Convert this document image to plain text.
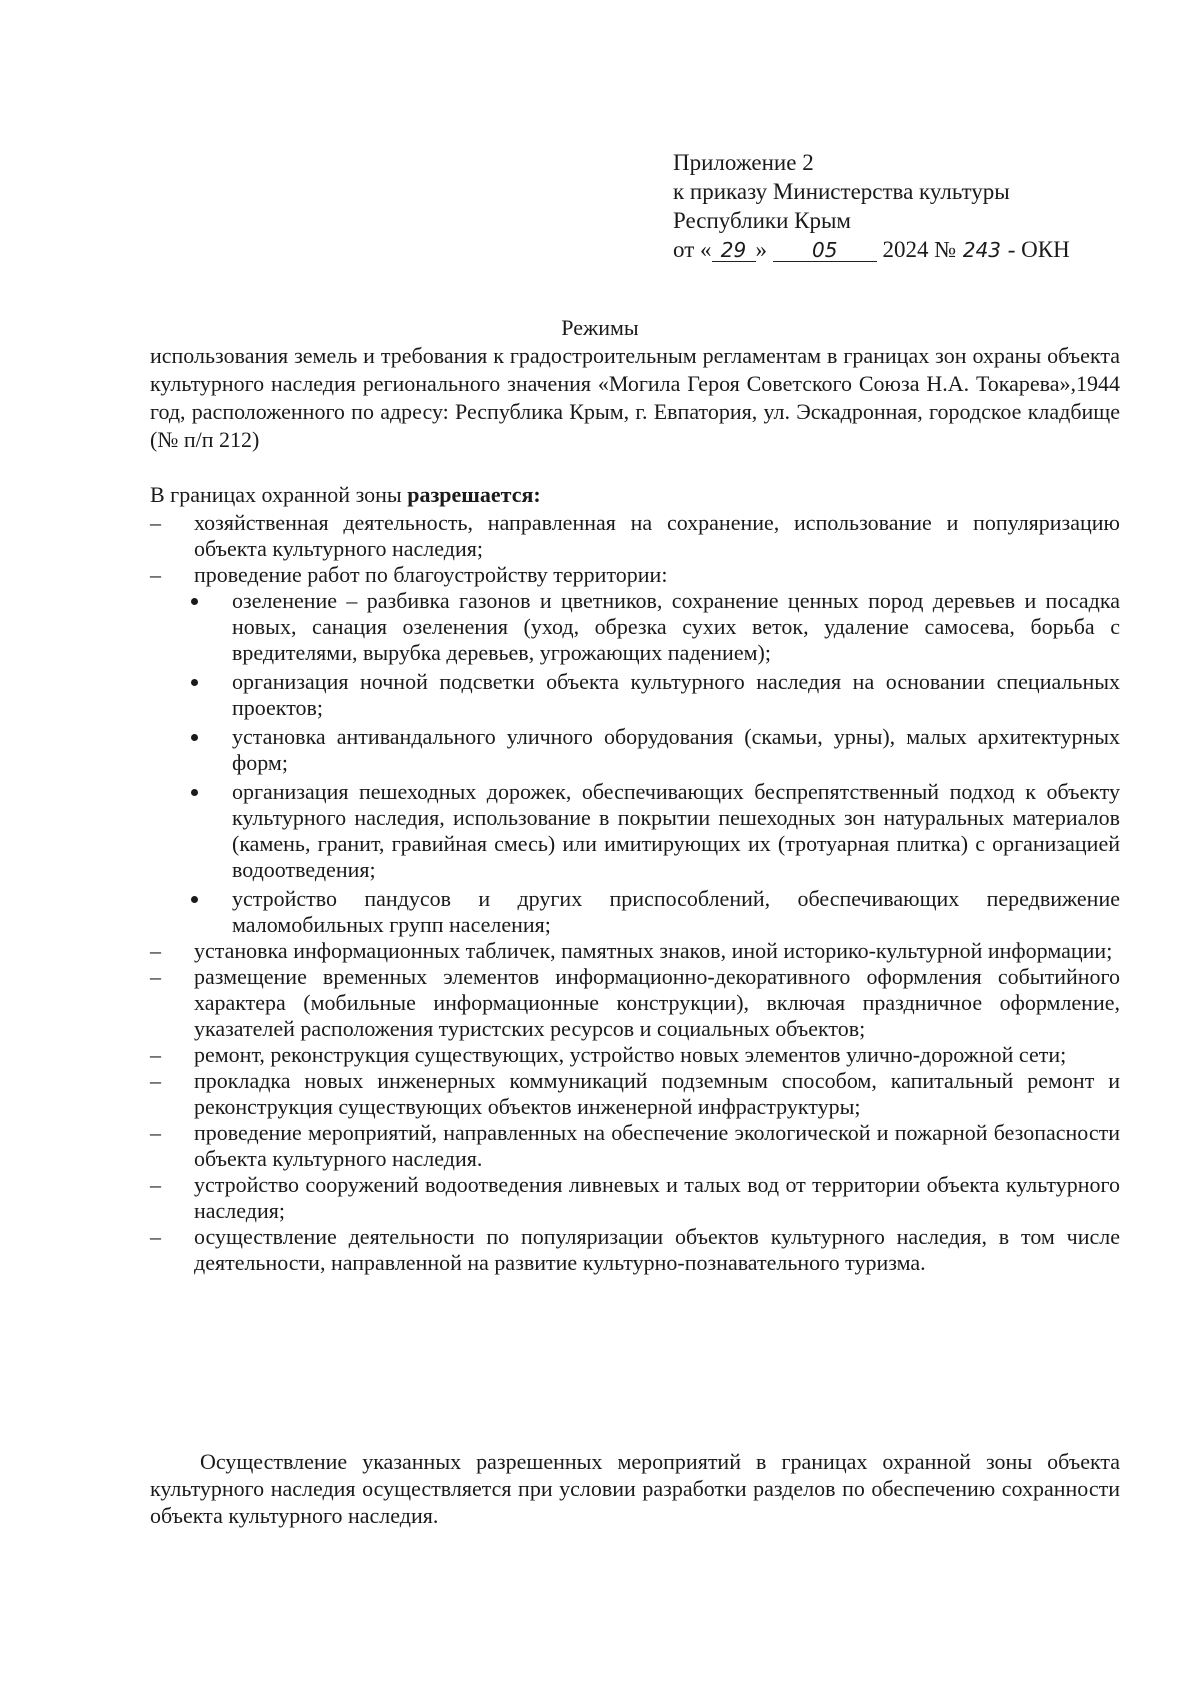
Приложение 2
к приказу Министерства культуры
Республики Крым
от « 29 » 05 2024 № 243 - ОКН
Режимы
использования земель и требования к градостроительным регламентам в границах зон охраны объекта культурного наследия регионального значения «Могила Героя Советского Союза Н.А. Токарева»,1944 год, расположенного по адресу: Республика Крым, г. Евпатория, ул. Эскадронная, городское кладбище (№ п/п 212)
В границах охранной зоны разрешается:

–	хозяйственная деятельность, направленная на сохранение, использование и популяризацию объекта культурного наследия;

–	проведение работ по благоустройству территории:

озеленение – разбивка газонов и цветников, сохранение ценных пород деревьев и посадка новых, санация озеленения (уход, обрезка сухих веток, удаление самосева, борьба с вредителями, вырубка деревьев, угрожающих падением);
организация ночной подсветки объекта культурного наследия на основании специальных проектов;
установка антивандального уличного оборудования (скамьи, урны), малых архитектурных форм;
организация пешеходных дорожек, обеспечивающих беспрепятственный подход к объекту культурного наследия, использование в покрытии пешеходных зон натуральных материалов (камень, гранит, гравийная смесь) или имитирующих их (тротуарная плитка) с организацией водоотведения;
устройство пандусов и других приспособлений, обеспечивающих передвижение маломобильных групп населения;

–	установка информационных табличек, памятных знаков, иной историко-культурной информации;

–	размещение временных элементов информационно-декоративного оформления событийного характера (мобильные информационные конструкции), включая праздничное оформление, указателей расположения туристских ресурсов и социальных объектов;

–	ремонт, реконструкция существующих, устройство новых элементов улично-дорожной сети;

–	прокладка новых инженерных коммуникаций подземным способом, капитальный ремонт и реконструкция существующих объектов инженерной инфраструктуры;

–	проведение мероприятий, направленных на обеспечение экологической и пожарной безопасности объекта культурного наследия.

–	устройство сооружений водоотведения ливневых и талых вод от территории объекта культурного наследия;

–	осуществление деятельности по популяризации объектов культурного наследия, в том числе деятельности, направленной на развитие культурно-познавательного туризма.

Осуществление указанных разрешенных мероприятий в границах охранной зоны объекта культурного наследия осуществляется при условии разработки разделов по обеспечению сохранности объекта культурного наследия.
